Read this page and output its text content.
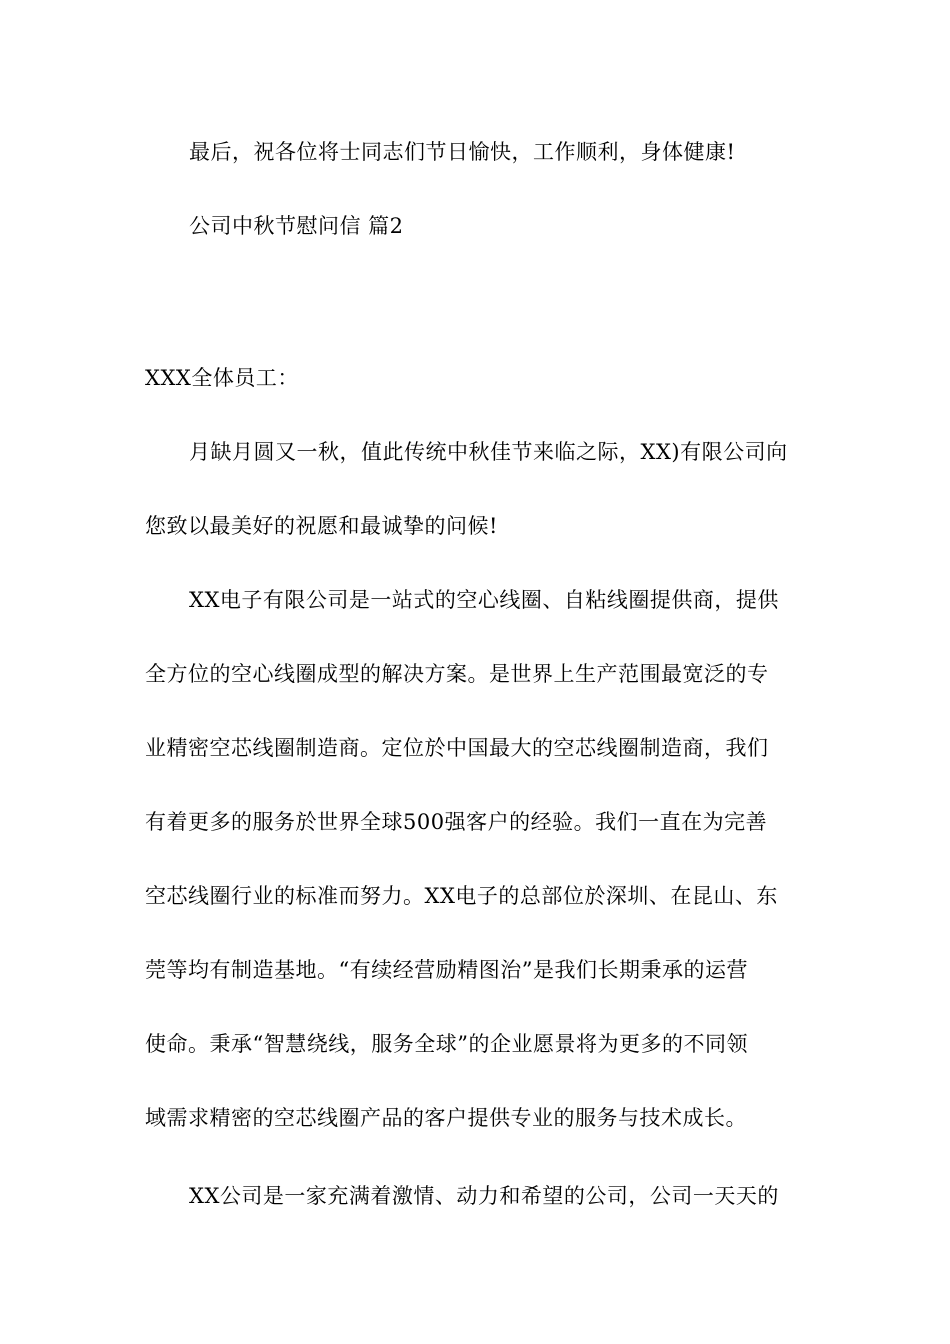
最后，祝各位将士同志们节日愉快，工作顺利，身体健康!
公司中秋节慰问信 篇2
XXX全体员工：
月缺月圆又一秋，值此传统中秋佳节来临之际，XX)有限公司向
您致以最美好的祝愿和最诚挚的问候!
XX电子有限公司是一站式的空心线圈、自粘线圈提供商，提供
全方位的空心线圈成型的解决方案。是世界上生产范围最宽泛的专
业精密空芯线圈制造商。定位於中国最大的空芯线圈制造商，我们
有着更多的服务於世界全球500强客户的经验。我们一直在为完善
空芯线圈行业的标准而努力。XX电子的总部位於深圳、在昆山、东
莞等均有制造基地。“有续经营励精图治”是我们长期秉承的运营
使命。秉承“智慧绕线，服务全球”的企业愿景将为更多的不同领
域需求精密的空芯线圈产品的客户提供专业的服务与技术成长。
XX公司是一家充满着激情、动力和希望的公司，公司一天天的
